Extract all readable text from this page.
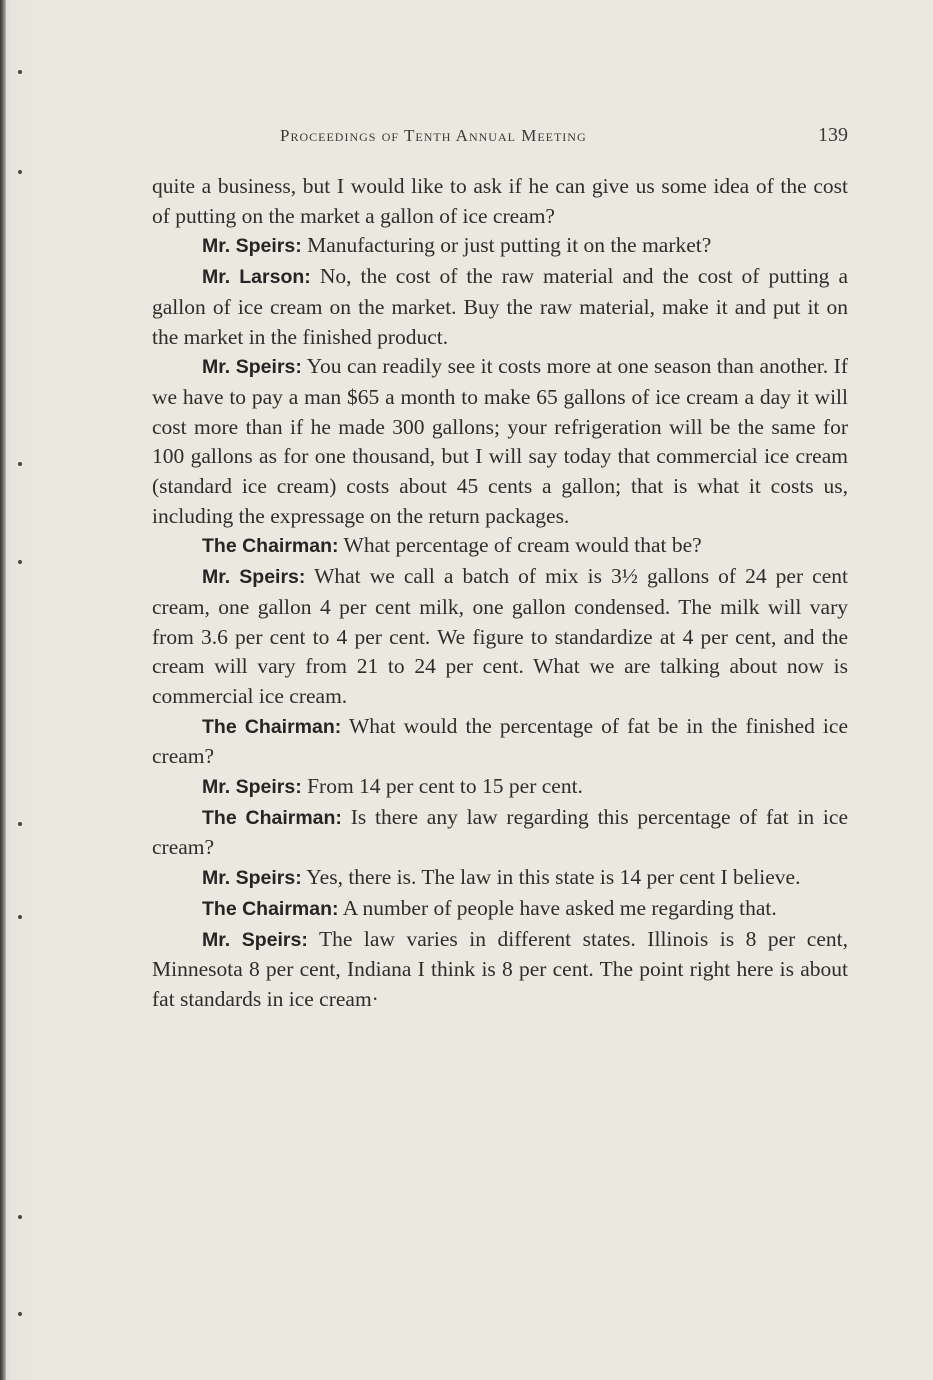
Proceedings of Tenth Annual Meeting	139

quite a business, but I would like to ask if he can give us some idea of the cost of putting on the market a gallon of ice cream?

Mr. Speirs: Manufacturing or just putting it on the market?

Mr. Larson: No, the cost of the raw material and the cost of putting a gallon of ice cream on the market. Buy the raw material, make it and put it on the market in the finished product.

Mr. Speirs: You can readily see it costs more at one season than another. If we have to pay a man $65 a month to make 65 gallons of ice cream a day it will cost more than if he made 300 gallons; your refrigeration will be the same for 100 gallons as for one thousand, but I will say today that commercial ice cream (standard ice cream) costs about 45 cents a gallon; that is what it costs us, including the expressage on the return packages.

The Chairman: What percentage of cream would that be?

Mr. Speirs: What we call a batch of mix is 3½ gallons of 24 per cent cream, one gallon 4 per cent milk, one gallon condensed. The milk will vary from 3.6 per cent to 4 per cent. We figure to standardize at 4 per cent, and the cream will vary from 21 to 24 per cent. What we are talking about now is commercial ice cream.

The Chairman: What would the percentage of fat be in the finished ice cream?

Mr. Speirs: From 14 per cent to 15 per cent.

The Chairman: Is there any law regarding this percentage of fat in ice cream?

Mr. Speirs: Yes, there is. The law in this state is 14 per cent I believe.

The Chairman: A number of people have asked me regarding that.

Mr. Speirs: The law varies in different states. Illinois is 8 per cent, Minnesota 8 per cent, Indiana I think is 8 per cent. The point right here is about fat standards in ice cream·
